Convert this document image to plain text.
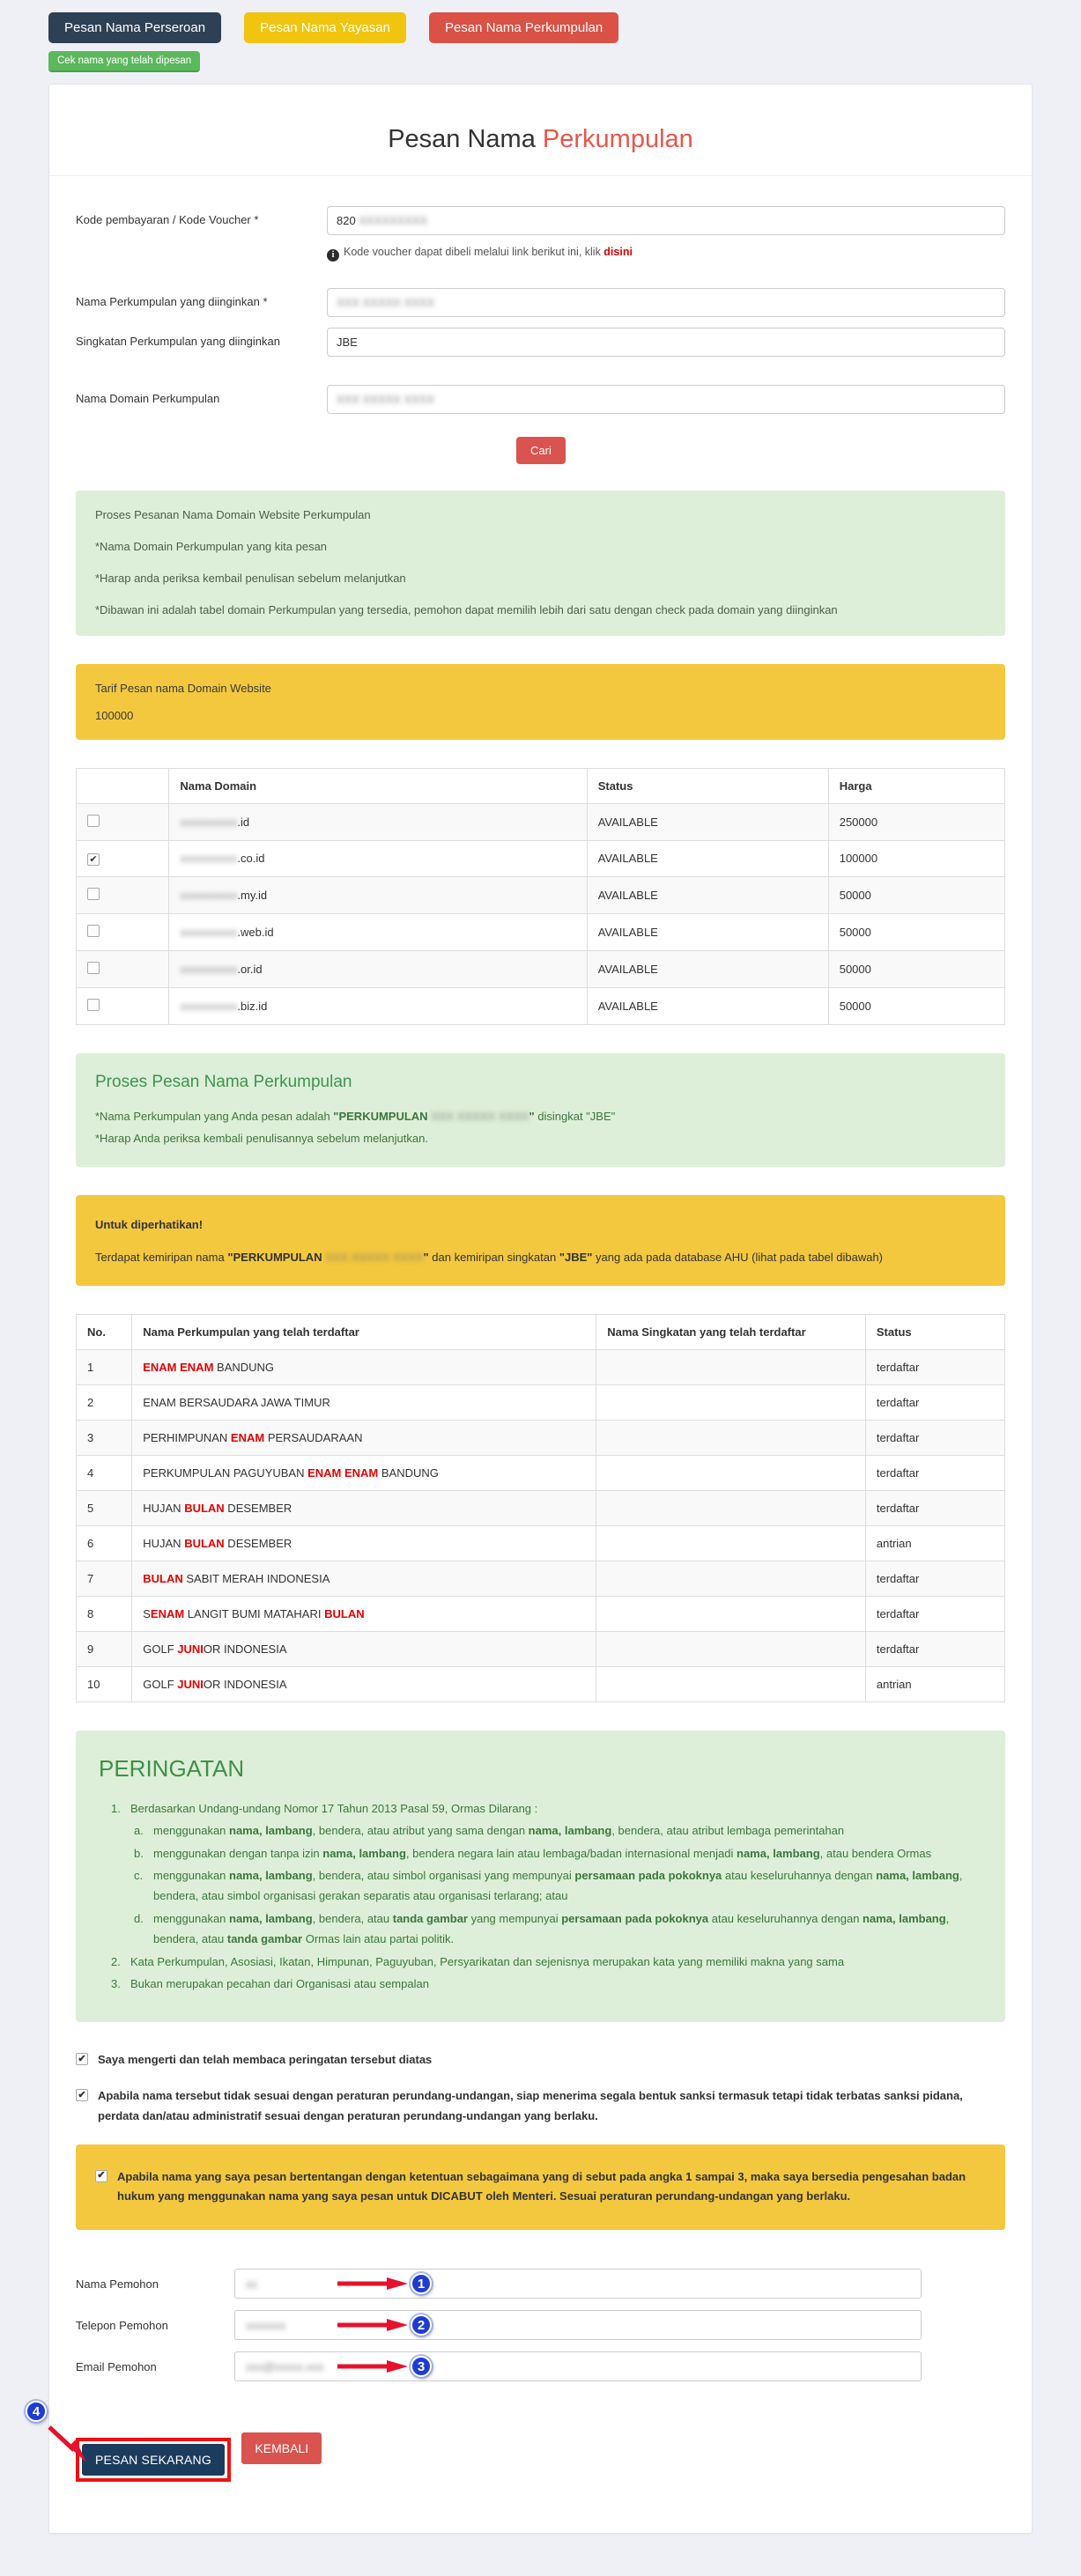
Pesan Nama Perseroan	Pesan Nama Yayasan	Pesan Nama Perkumpulan
Cek nama yang telah dipesan
Pesan Nama Perkumpulan
Kode pembayaran / Kode Voucher *	820
XXXXXXXXX
i Kode voucher dapat dibeli melalui link berikut ini, klik disini
Nama Perkumpulan yang diinginkan *	XXX XXXXX XXXX
Singkatan Perkumpulan yang diinginkan	JBE
Nama Domain Perkumpulan	XXX XXXXX XXXX
Cari

Proses Pesanan Nama Domain Website Perkumpulan

*Nama Domain Perkumpulan yang kita pesan

*Harap anda periksa kembail penulisan sebelum melanjutkan

*Dibawan ini adalah tabel domain Perkumpulan yang tersedia, pemohon dapat memilih lebih dari satu dengan check pada domain yang diinginkan

Tarif Pesan nama Domain Website
100000
	Nama Domain	Status	Harga
	xxxxxxxxxx.id	AVAILABLE	250000

✔	xxxxxxxxxx.co.id	AVAILABLE	100000
	xxxxxxxxxx.my.id	AVAILABLE	50000
	xxxxxxxxxx.web.id	AVAILABLE	50000
	xxxxxxxxxx.or.id	AVAILABLE	50000
	xxxxxxxxxx.biz.id	AVAILABLE	50000
Proses Pesan Nama Perkumpulan
*Nama Perkumpulan yang Anda pesan adalah "PERKUMPULAN XXX XXXXX XXXX" disingkat "JBE"
*Harap Anda periksa kembali penulisannya sebelum melanjutkan.
Untuk diperhatikan!
Terdapat kemiripan nama "PERKUMPULAN XXX XXXXX XXXX" dan kemiripan singkatan "JBE" yang ada pada database AHU (lihat pada tabel dibawah)
No.	Nama Perkumpulan yang telah terdaftar	Nama Singkatan yang telah terdaftar	Status
1	ENAM ENAM BANDUNG		terdaftar
2	ENAM BERSAUDARA JAWA TIMUR		terdaftar
3	PERHIMPUNAN ENAM PERSAUDARAAN		terdaftar
4	PERKUMPULAN PAGUYUBAN ENAM ENAM BANDUNG		terdaftar
5	HUJAN BULAN DESEMBER		terdaftar
6	HUJAN BULAN DESEMBER		antrian
7	BULAN SABIT MERAH INDONESIA		terdaftar
8	SENAM LANGIT BUMI MATAHARI BULAN		terdaftar
9	GOLF JUNIOR INDONESIA		terdaftar
10	GOLF JUNIOR INDONESIA		antrian
PERINGATAN
1. Berdasarkan Undang-undang Nomor 17 Tahun 2013 Pasal 59, Ormas Dilarang :
a. menggunakan nama, lambang, bendera, atau atribut yang sama dengan nama, lambang, bendera, atau atribut lembaga pemerintahan
b. menggunakan dengan tanpa izin nama, lambang, bendera negara lain atau lembaga/badan internasional menjadi nama, lambang, atau bendera Ormas
c. menggunakan nama, lambang, bendera, atau simbol organisasi yang mempunyai persamaan pada pokoknya atau keseluruhannya dengan nama, lambang, bendera, atau simbol organisasi gerakan separatis atau organisasi terlarang; atau
d. menggunakan nama, lambang, bendera, atau tanda gambar yang mempunyai persamaan pada pokoknya atau keseluruhannya dengan nama, lambang, bendera, atau tanda gambar Ormas lain atau partai politik.
2. Kata Perkumpulan, Asosiasi, Ikatan, Himpunan, Paguyuban, Persyarikatan dan sejenisnya merupakan kata yang memiliki makna yang sama
3. Bukan merupakan pecahan dari Organisasi atau sempalan
✔ Saya mengerti dan telah membaca peringatan tersebut diatas
✔ Apabila nama tersebut tidak sesuai dengan peraturan perundang-undangan, siap menerima segala bentuk sanksi termasuk tetapi tidak terbatas sanksi pidana, perdata dan/atau administratif sesuai dengan peraturan perundang-undangan yang berlaku.
✔ Apabila nama yang saya pesan bertentangan dengan ketentuan sebagaimana yang di sebut pada angka 1 sampai 3, maka saya bersedia pengesahan badan hukum yang menggunakan nama yang saya pesan untuk DICABUT oleh Menteri. Sesuai peraturan perundang-undangan yang berlaku.
Nama Pemohon	xx	1
Telepon Pemohon	xxxxxxx	2
Email Pemohon	xxx@xxxxx.xxx	3
4
PESAN SEKARANG KEMBALI
